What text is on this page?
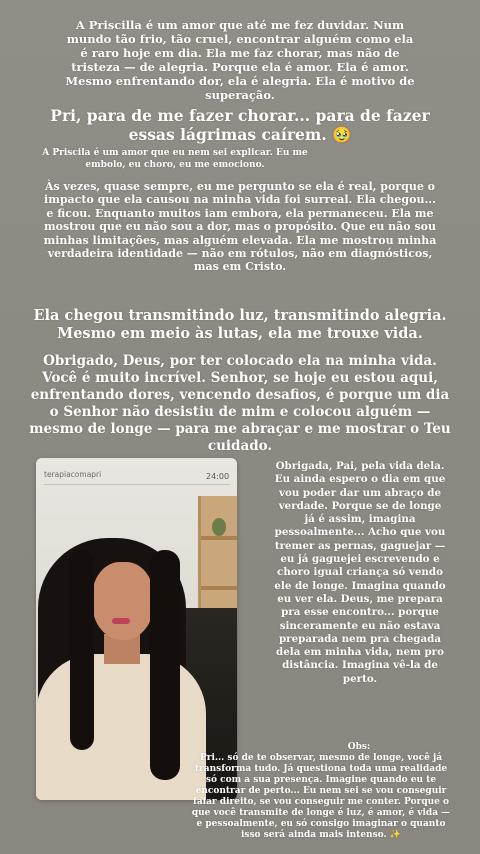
A Priscilla é um amor que até me fez duvidar. Num mundo tão frio, tão cruel, encontrar alguém como ela é raro hoje em dia. Ela me faz chorar, mas não de tristeza — de alegria. Porque ela é amor. Ela é amor. Mesmo enfrentando dor, ela é alegria. Ela é motivo de superação.

Pri, para de me fazer chorar... para de fazer essas lágrimas caírem. 🥹

A Priscila é um amor que eu nem sei explicar. Eu me embolo, eu choro, eu me emociono.

Às vezes, quase sempre, eu me pergunto se ela é real, porque o impacto que ela causou na minha vida foi surreal. Ela chegou... e ficou. Enquanto muitos iam embora, ela permaneceu. Ela me mostrou que eu não sou a dor, mas o propósito. Que eu não sou minhas limitações, mas alguém elevada. Ela me mostrou minha verdadeira identidade — não em rótulos, não em diagnósticos, mas em Cristo.

Ela chegou transmitindo luz, transmitindo alegria. Mesmo em meio às lutas, ela me trouxe vida.

Obrigado, Deus, por ter colocado ela na minha vida. Você é muito incrível. Senhor, se hoje eu estou aqui, enfrentando dores, vencendo desafios, é porque um dia o Senhor não desistiu de mim e colocou alguém — mesmo de longe — para me abraçar e me mostrar o Teu cuidado.

terapiacomapri	24:00

Obrigada, Pai, pela vida dela. Eu ainda espero o dia em que vou poder dar um abraço de verdade. Porque se de longe já é assim, imagina pessoalmente... Acho que vou tremer as pernas, gaguejar — eu já gaguejei escrevendo e choro igual criança só vendo ele de longe. Imagina quando eu ver ela. Deus, me prepara pra esse encontro... porque sinceramente eu não estava preparada nem pra chegada dela em minha vida, nem pro distância. Imagina vê-la de perto.

Obs:

Pri... só de te observar, mesmo de longe, você já transforma tudo. Já questiona toda uma realidade só com a sua presença. Imagine quando eu te encontrar de perto... Eu nem sei se vou conseguir falar direito, se vou conseguir me conter. Porque o que você transmite de longe é luz, é amor, é vida — e pessoalmente, eu só consigo imaginar o quanto isso será ainda mais intenso. ✨
